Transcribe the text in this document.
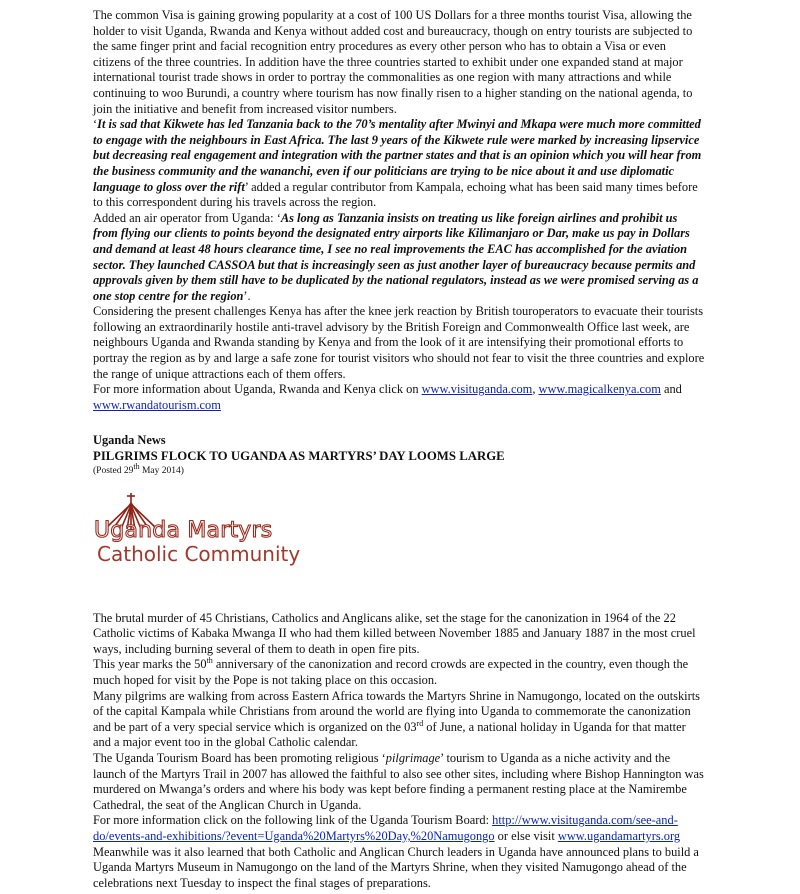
The common Visa is gaining growing popularity at a cost of 100 US Dollars for a three months tourist Visa, allowing the holder to visit Uganda, Rwanda and Kenya without added cost and bureaucracy, though on entry tourists are subjected to the same finger print and facial recognition entry procedures as every other person who has to obtain a Visa or even citizens of the three countries. In addition have the three countries started to exhibit under one expanded stand at major international tourist trade shows in order to portray the commonalities as one region with many attractions and while continuing to woo Burundi, a country where tourism has now finally risen to a higher standing on the national agenda, to join the initiative and benefit from increased visitor numbers.

‘It is sad that Kikwete has led Tanzania back to the 70’s mentality after Mwinyi and Mkapa were much more committed to engage with the neighbours in East Africa. The last 9 years of the Kikwete rule were marked by increasing lipservice but decreasing real engagement and integration with the partner states and that is an opinion which you will hear from the business community and the wananchi, even if our politicians are trying to be nice about it and use diplomatic language to gloss over the rift’ added a regular contributor from Kampala, echoing what has been said many times before to this correspondent during his travels across the region.

Added an air operator from Uganda: ‘As long as Tanzania insists on treating us like foreign airlines and prohibit us from flying our clients to points beyond the designated entry airports like Kilimanjaro or Dar, make us pay in Dollars and demand at least 48 hours clearance time, I see no real improvements the EAC has accomplished for the aviation sector. They launched CASSOA but that is increasingly seen as just another layer of bureaucracy because permits and approvals given by them still have to be duplicated by the national regulators, instead as we were promised serving as a one stop centre for the region’.

Considering the present challenges Kenya has after the knee jerk reaction by British touroperators to evacuate their tourists following an extraordinarily hostile anti-travel advisory by the British Foreign and Commonwealth Office last week, are neighbours Uganda and Rwanda standing by Kenya and from the look of it are intensifying their promotional efforts to portray the region as by and large a safe zone for tourist visitors who should not fear to visit the three countries and explore the range of unique attractions each of them offers.

For more information about Uganda, Rwanda and Kenya click on www.visituganda.com, www.magicalkenya.com and www.rwandatourism.com

Uganda News

PILGRIMS FLOCK TO UGANDA AS MARTYRS’ DAY LOOMS LARGE

(Posted 29th May 2014)

Uganda Martyrs
Catholic Community

The brutal murder of 45 Christians, Catholics and Anglicans alike, set the stage for the canonization in 1964 of the 22 Catholic victims of Kabaka Mwanga II who had them killed between November 1885 and January 1887 in the most cruel ways, including burning several of them to death in open fire pits.

This year marks the 50th anniversary of the canonization and record crowds are expected in the country, even though the much hoped for visit by the Pope is not taking place on this occasion.

Many pilgrims are walking from across Eastern Africa towards the Martyrs Shrine in Namugongo, located on the outskirts of the capital Kampala while Christians from around the world are flying into Uganda to commemorate the canonization and be part of a very special service which is organized on the 03rd of June, a national holiday in Uganda for that matter and a major event too in the global Catholic calendar.

The Uganda Tourism Board has been promoting religious ‘pilgrimage’ tourism to Uganda as a niche activity and the launch of the Martyrs Trail in 2007 has allowed the faithful to also see other sites, including where Bishop Hannington was murdered on Mwanga’s orders and where his body was kept before finding a permanent resting place at the Namirembe Cathedral, the seat of the Anglican Church in Uganda.

For more information click on the following link of the Uganda Tourism Board: http://www.visituganda.com/see-and-do/events-and-exhibitions/?event=Uganda%20Martyrs%20Day,%20Namugongo or else visit www.ugandamartyrs.org

Meanwhile was it also learned that both Catholic and Anglican Church leaders in Uganda have announced plans to build a Uganda Martyrs Museum in Namugongo on the land of the Martyrs Shrine, when they visited Namugongo ahead of the celebrations next Tuesday to inspect the final stages of preparations.
